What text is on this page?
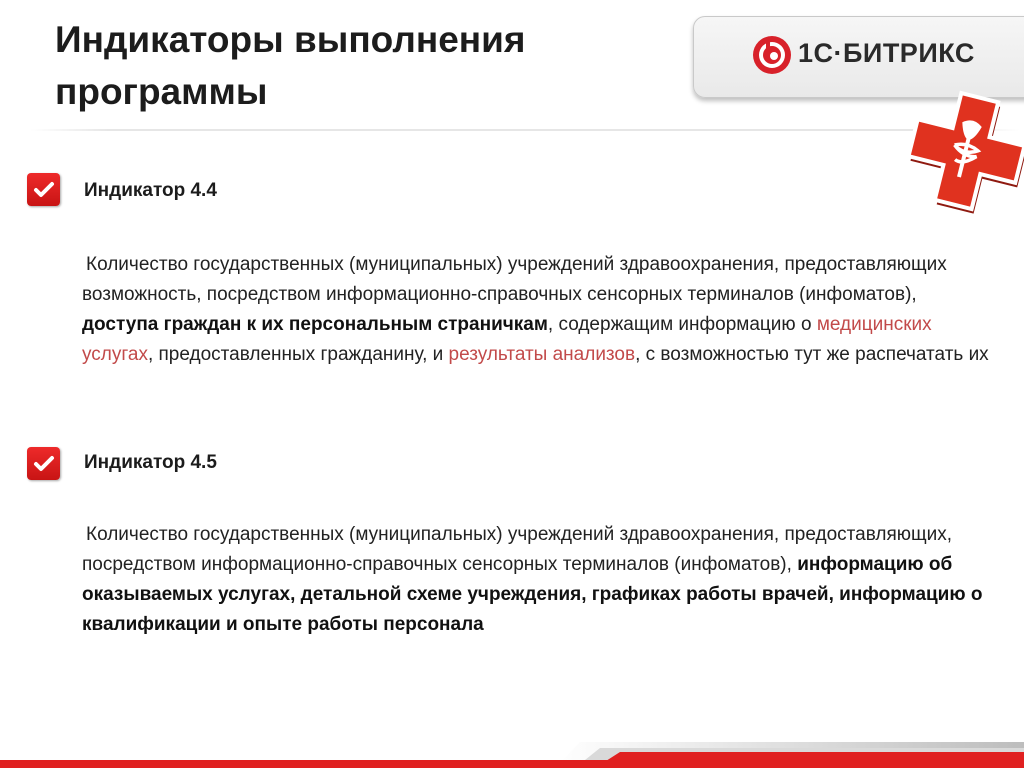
Индикаторы выполнения программы
1С·БИТРИКС
Индикатор 4.4

Количество государственных (муниципальных) учреждений здравоохранения, предоставляющих возможность, посредством информационно-справочных сенсорных терминалов (инфоматов), доступа граждан к их персональным страничкам, содержащим информацию о медицинских услугах, предоставленных гражданину, и результаты анализов, с возможностью тут же распечатать их

Индикатор 4.5

Количество государственных (муниципальных) учреждений здравоохранения, предоставляющих, посредством информационно-справочных сенсорных терминалов (инфоматов), информацию об оказываемых услугах, детальной схеме учреждения, графиках работы врачей, информацию о квалификации и опыте работы персонала
